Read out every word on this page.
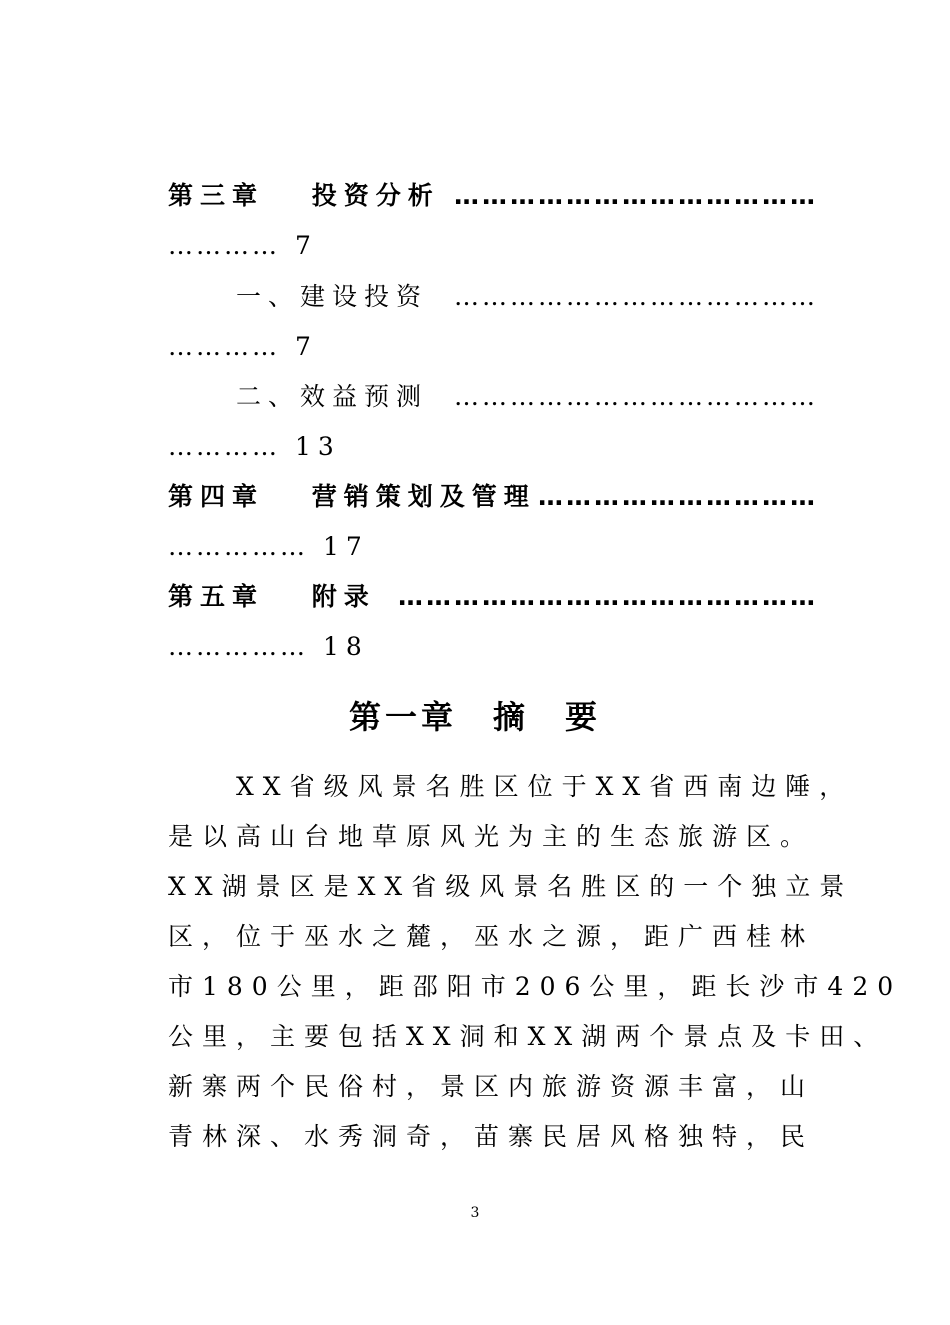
第三章　 投资分析 …………………………………
………… 7
一、建设投资 …………………………………
………… 7
二、效益预测 …………………………………
………… 13
第四章　 营销策划及管理 …………………………
…………… 17
第五章　 附录 ………………………………………
…………… 18
第一章　摘　要
XX省级风景名胜区位于XX省西南边陲，
是以高山台地草原风光为主的生态旅游区。
XX湖景区是XX省级风景名胜区的一个独立景
区，位于巫水之麓，巫水之源，距广西桂林
市180公里，距邵阳市206公里，距长沙市420
公里，主要包括XX洞和XX湖两个景点及卡田、
新寨两个民俗村，景区内旅游资源丰富，山
青林深、水秀洞奇，苗寨民居风格独特，民
3
